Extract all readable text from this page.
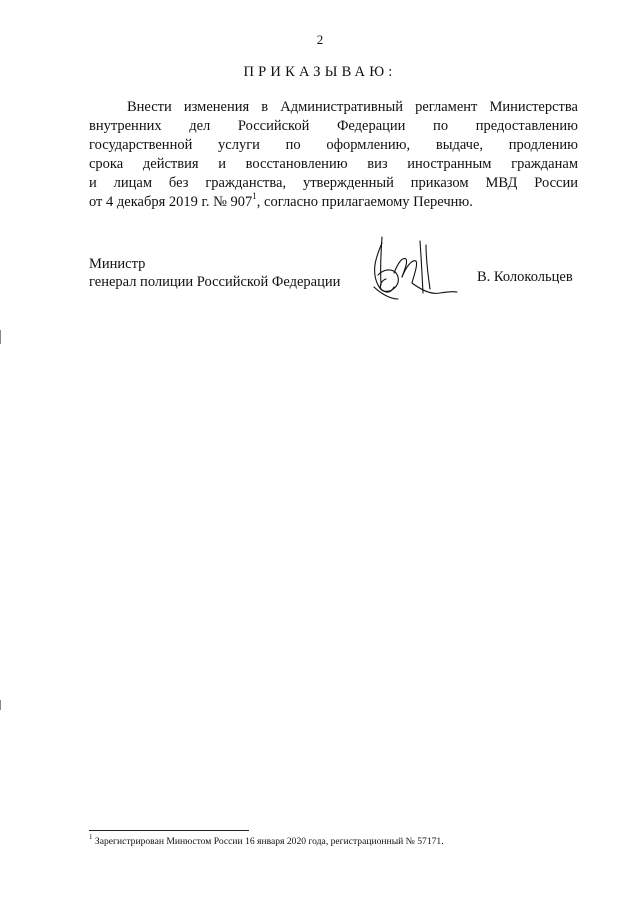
2
ПРИКАЗЫВАЮ:
Внести изменения в Административный регламент Министерства
внутренних дел Российской Федерации по предоставлению
государственной услуги по оформлению, выдаче, продлению
срока действия и восстановлению виз иностранным гражданам
и лицам без гражданства, утвержденный приказом МВД России
от 4 декабря 2019 г. № $907^1$, согласно прилагаемому Перечню.
Министр
генерал полиции Российской Федерации	В. Колокольцев
$^1$ Зарегистрирован Минюстом России 16 января 2020 года, регистрационный № 57171.
